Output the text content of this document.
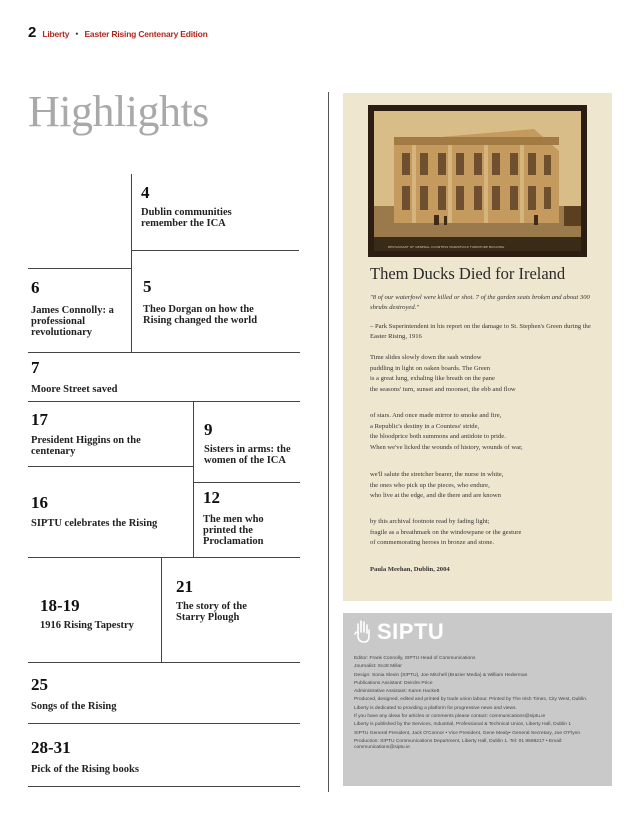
2 Liberty • Easter Rising Centenary Edition
Highlights
4
Dublin communities remember the ICA
6
James Connolly: a professional revolutionary
5
Theo Dorgan on how the Rising changed the world
7
Moore Street saved
17
President Higgins on the centenary
9
Sisters in arms: the women of the ICA
16
SIPTU celebrates the Rising
12
The men who printed the Proclamation
18-19
1916 Rising Tapestry
21
The story of the Starry Plough
25
Songs of the Rising
28-31
Pick of the Rising books
RESTAURANT OF GENERAL COUNTESS MARKIEVICZ FURNITURE BUILDING
Them Ducks Died for Ireland
"8 of our waterfowl were killed or shot. 7 of the garden seats broken and about 300 shrubs destroyed."
– Park Superintendent in his report on the damage to St. Stephen's Green during the Easter Rising, 1916
Time slides slowly down the sash window
puddling in light on oaken boards. The Green
is a great lung, exhaling like breath on the pane
the seasons' turn, sunset and moonset, the ebb and flow
of stars. And once made mirror to smoke and fire,
a Republic's destiny in a Countess' stride,
the bloodprice both summons and antidote to pride.
When we've licked the wounds of history, wounds of war,
we'll salute the stretcher bearer, the nurse in white,
the ones who pick up the pieces, who endure,
who live at the edge, and die there and are known
by this archival footnote read by fading light;
fragile as a breathmark on the windowpane or the gesture
of commemorating heroes in bronze and stone.
Paula Meehan, Dublin, 2004
SIPTU

Editor: Frank Connolly, SIPTU Head of Communications

Journalist: Scott Millar

Design: Sonia Slevin (SIPTU), Joe Mitchell (Brazier Media) & William Hederman

Publications Assistant: Deirdre Price

Administrative Assistant: Karen Hackett

Produced, designed, edited and printed by trade union labour. Printed by The Irish Times, City West, Dublin.

Liberty is dedicated to providing a platform for progressive news and views.

If you have any ideas for articles or comments please contact: communications@siptu.ie

Liberty is published by the Services, Industrial, Professional & Technical Union, Liberty Hall, Dublin 1

SIPTU General President, Jack O'Connor • Vice President, Gene Mealy• General Secretary, Joe O'Flynn

Production: SIPTU Communications Department, Liberty Hall, Dublin 1. Tel: 01 8588217 • Email: communications@siptu.ie
